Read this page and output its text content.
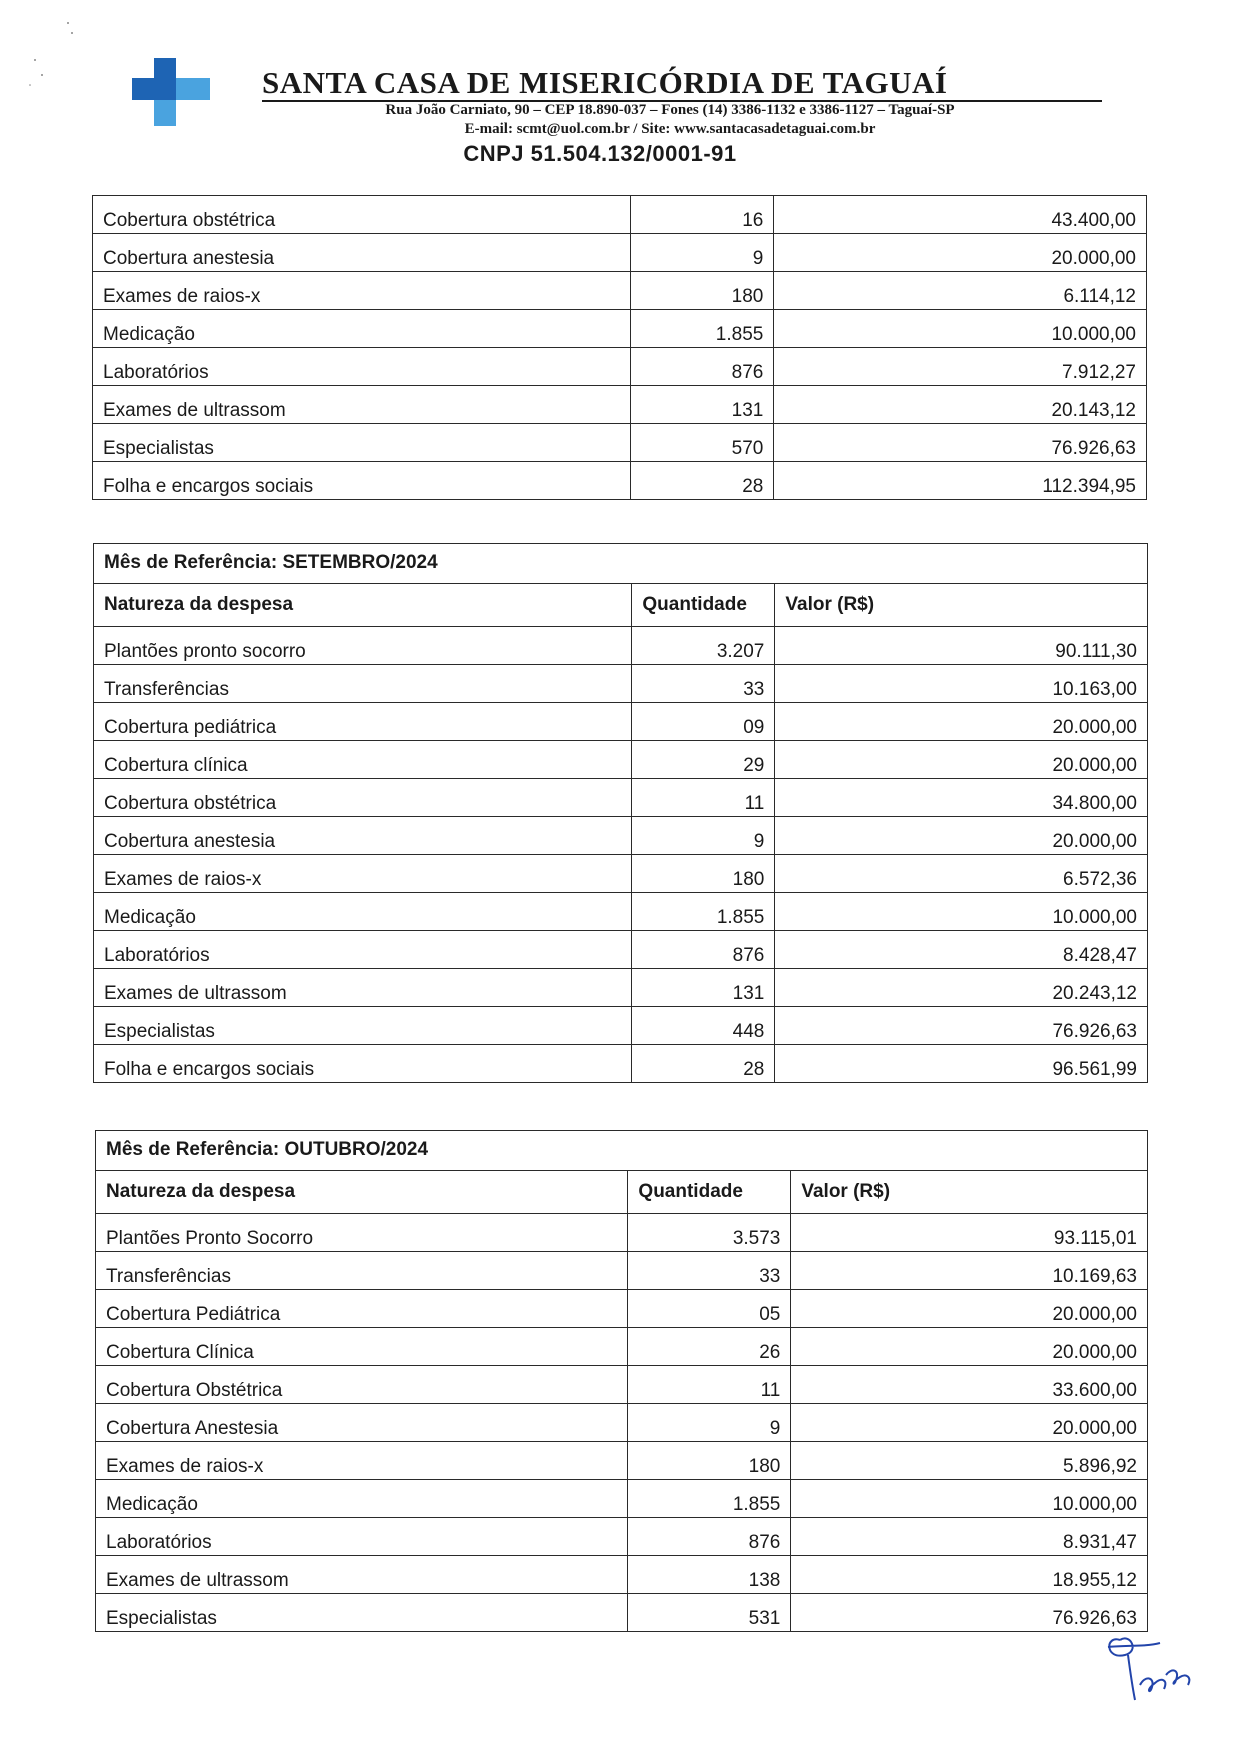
SANTA CASA DE MISERICÓRDIA DE TAGUAÍ
Rua João Carniato, 90 – CEP 18.890-037 – Fones (14) 3386-1132 e 3386-1127 – Taguaí-SP
E-mail: scmt@uol.com.br / Site: www.santacasadetaguai.com.br
CNPJ 51.504.132/0001-91
Cobertura obstétrica	16	43.400,00
Cobertura anestesia	9	20.000,00
Exames de raios-x	180	6.114,12
Medicação	1.855	10.000,00
Laboratórios	876	7.912,27
Exames de ultrassom	131	20.143,12
Especialistas	570	76.926,63
Folha e encargos sociais	28	112.394,95
Mês de Referência: SETEMBRO/2024		
Natureza da despesa	Quantidade	Valor (R$)
Plantões pronto socorro	3.207	90.111,30
Transferências	33	10.163,00
Cobertura pediátrica	09	20.000,00
Cobertura clínica	29	20.000,00
Cobertura obstétrica	11	34.800,00
Cobertura anestesia	9	20.000,00
Exames de raios-x	180	6.572,36
Medicação	1.855	10.000,00
Laboratórios	876	8.428,47
Exames de ultrassom	131	20.243,12
Especialistas	448	76.926,63
Folha e encargos sociais	28	96.561,99
Mês de Referência: OUTUBRO/2024		
Natureza da despesa	Quantidade	Valor (R$)
Plantões Pronto Socorro	3.573	93.115,01
Transferências	33	10.169,63
Cobertura Pediátrica	05	20.000,00
Cobertura Clínica	26	20.000,00
Cobertura Obstétrica	11	33.600,00
Cobertura Anestesia	9	20.000,00
Exames de raios-x	180	5.896,92
Medicação	1.855	10.000,00
Laboratórios	876	8.931,47
Exames de ultrassom	138	18.955,12
Especialistas	531	76.926,63
